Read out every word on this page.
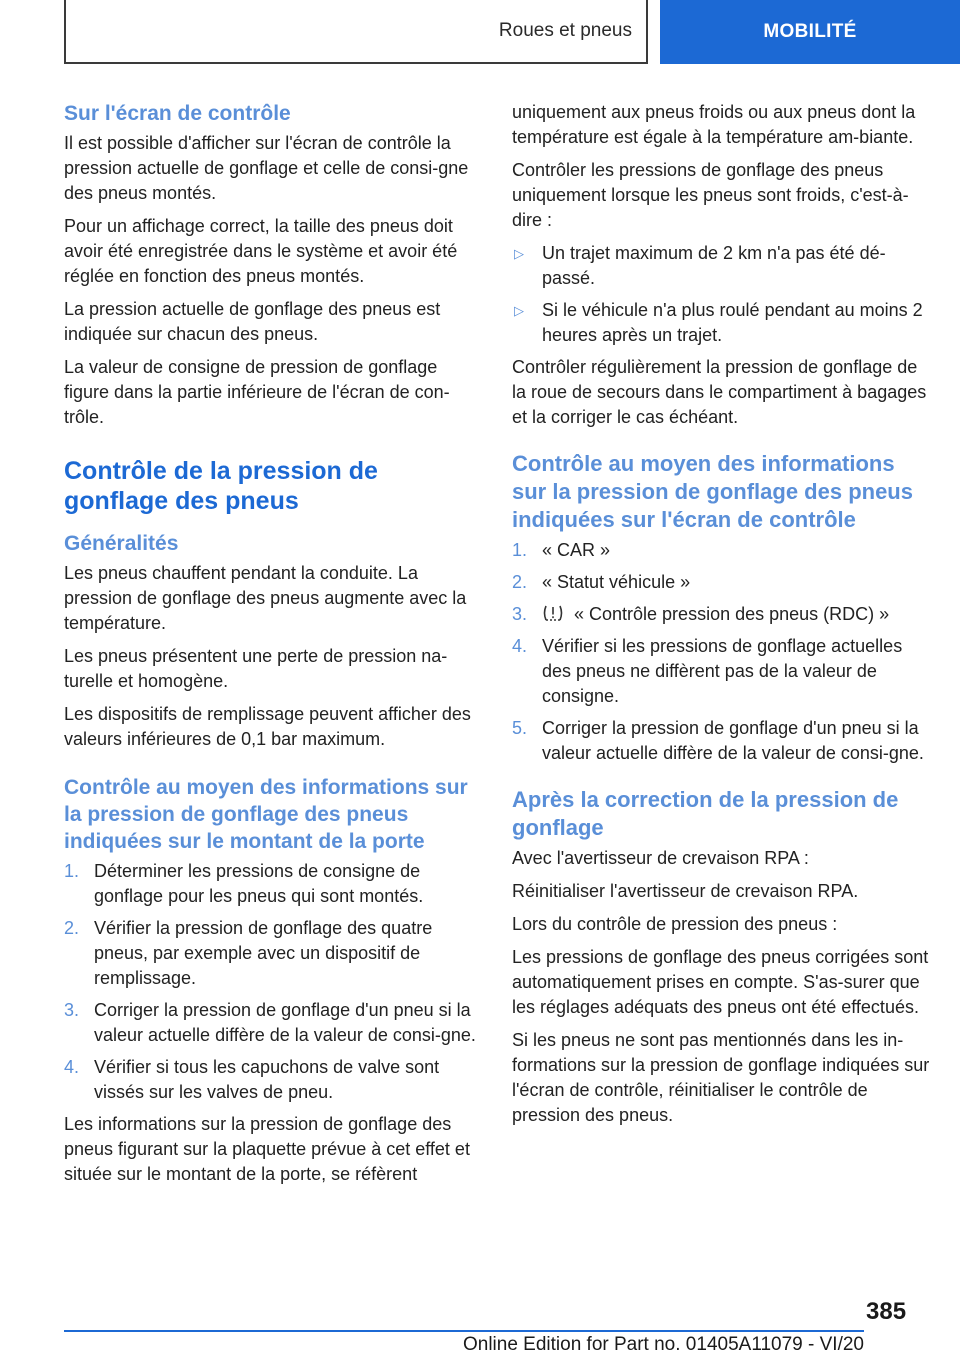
Roues et pneus	MOBILITÉ
Sur l'écran de contrôle

Il est possible d'afficher sur l'écran de contrôle la pression actuelle de gonflage et celle de consi-gne des pneus montés.

Pour un affichage correct, la taille des pneus doit avoir été enregistrée dans le système et avoir été réglée en fonction des pneus montés.

La pression actuelle de gonflage des pneus est indiquée sur chacun des pneus.

La valeur de consigne de pression de gonflage figure dans la partie inférieure de l'écran de con-trôle.

Contrôle de la pression de gonflage des pneus
Généralités

Les pneus chauffent pendant la conduite. La pression de gonflage des pneus augmente avec la température.

Les pneus présentent une perte de pression na-turelle et homogène.

Les dispositifs de remplissage peuvent afficher des valeurs inférieures de 0,1 bar maximum.

Contrôle au moyen des informations sur la pression de gonflage des pneus indiquées sur le montant de la porte
1. Déterminer les pressions de consigne de gonflage pour les pneus qui sont montés.
2. Vérifier la pression de gonflage des quatre pneus, par exemple avec un dispositif de remplissage.
3. Corriger la pression de gonflage d'un pneu si la valeur actuelle diffère de la valeur de consi-gne.
4. Vérifier si tous les capuchons de valve sont vissés sur les valves de pneu.

Les informations sur la pression de gonflage des pneus figurant sur la plaquette prévue à cet effet et située sur le montant de la porte, se réfèrent

uniquement aux pneus froids ou aux pneus dont la température est égale à la température am-biante.

Contrôler les pressions de gonflage des pneus uniquement lorsque les pneus sont froids, c'est-à-dire :

▷ Un trajet maximum de 2 km n'a pas été dé-passé.
▷ Si le véhicule n'a plus roulé pendant au moins 2 heures après un trajet.

Contrôler régulièrement la pression de gonflage de la roue de secours dans le compartiment à bagages et la corriger le cas échéant.

Contrôle au moyen des informations sur la pression de gonflage des pneus indiquées sur l'écran de contrôle
1. « CAR »
2. « Statut véhicule »
3.	« Contrôle pression des pneus (RDC) »
4. Vérifier si les pressions de gonflage actuelles des pneus ne diffèrent pas de la valeur de consigne.
5. Corriger la pression de gonflage d'un pneu si la valeur actuelle diffère de la valeur de consi-gne.
Après la correction de la pression de gonflage

Avec l'avertisseur de crevaison RPA :

Réinitialiser l'avertisseur de crevaison RPA.

Lors du contrôle de pression des pneus :

Les pressions de gonflage des pneus corrigées sont automatiquement prises en compte. S'as-surer que les réglages adéquats des pneus ont été effectués.

Si les pneus ne sont pas mentionnés dans les in-formations sur la pression de gonflage indiquées sur l'écran de contrôle, réinitialiser le contrôle de pression des pneus.

385
Online Edition for Part no. 01405A11079 - VI/20
